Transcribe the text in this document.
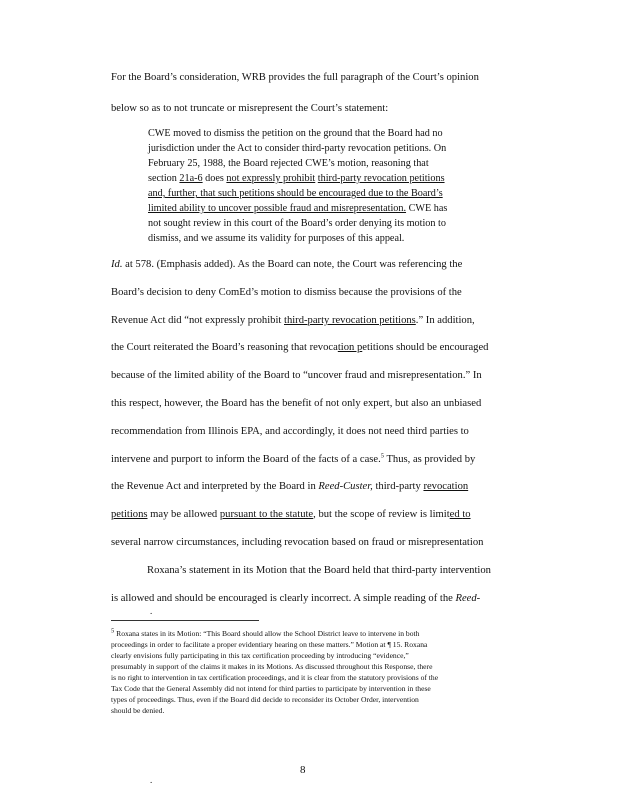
For the Board’s consideration, WRB provides the full paragraph of the Court’s opinion
below so as to not truncate or misrepresent the Court’s statement:
CWE moved to dismiss the petition on the ground that the Board had no
jurisdiction under the Act to consider third-party revocation petitions. On
February 25, 1988, the Board rejected CWE’s motion, reasoning that
section 21a-6 does not expressly prohibit third-party revocation petitions
and, further, that such petitions should be encouraged due to the Board’s
limited ability to uncover possible fraud and misrepresentation. CWE has
not sought review in this court of the Board’s order denying its motion to
dismiss, and we assume its validity for purposes of this appeal.
Id. at 578. (Emphasis added). As the Board can note, the Court was referencing the
Board’s decision to deny ComEd’s motion to dismiss because the provisions of the
Revenue Act did “not expressly prohibit third-party revocation petitions.” In addition,
the Court reiterated the Board’s reasoning that revocation petitions should be encouraged
because of the limited ability of the Board to “uncover fraud and misrepresentation.” In
this respect, however, the Board has the benefit of not only expert, but also an unbiased
recommendation from Illinois EPA, and accordingly, it does not need third parties to
intervene and purport to inform the Board of the facts of a case.$^5$ Thus, as provided by
the Revenue Act and interpreted by the Board in Reed-Custer, third-party revocation
petitions may be allowed pursuant to the statute, but the scope of review is limited to
several narrow circumstances, including revocation based on fraud or misrepresentation
Roxana’s statement in its Motion that the Board held that third-party intervention
is allowed and should be encouraged is clearly incorrect. A simple reading of the Reed-
.
$^5$ Roxana states in its Motion: “This Board should allow the School District leave to intervene in both
proceedings in order to facilitate a proper evidentiary hearing on these matters.” Motion at ¶ 15. Roxana
clearly envisions fully participating in this tax certification proceeding by introducing “evidence,”
presumably in support of the claims it makes in its Motions. As discussed throughout this Response, there
is no right to intervention in tax certification proceedings, and it is clear from the statutory provisions of the
Tax Code that the General Assembly did not intend for third parties to participate by intervention in these
types of proceedings. Thus, even if the Board did decide to reconsider its October Order, intervention
should be denied.
8
.
